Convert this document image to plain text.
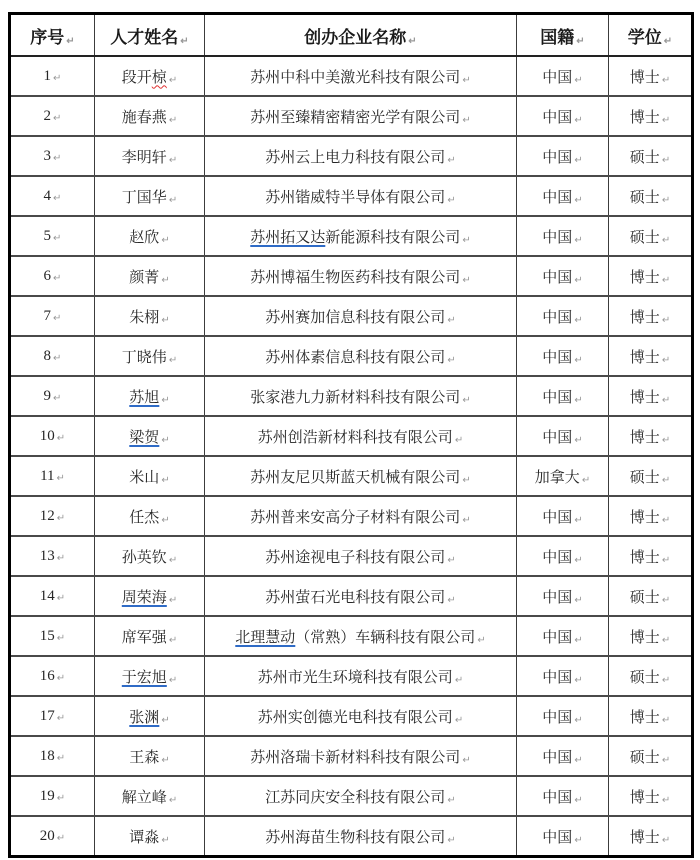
序号 ↵	人才姓名 ↵	创办企业名称 ↵	国籍 ↵	学位 ↵
1 ↵	段开椋 ↵	苏州中科中美激光科技有限公司 ↵	中国 ↵	博士 ↵
2 ↵	施春燕 ↵	苏州至臻精密精密光学有限公司 ↵	中国 ↵	博士 ↵
3 ↵	李明轩 ↵	苏州云上电力科技有限公司 ↵	中国 ↵	硕士 ↵
4 ↵	丁国华 ↵	苏州锴威特半导体有限公司 ↵	中国 ↵	硕士 ↵
5 ↵	赵欣 ↵	苏州拓又达新能源科技有限公司 ↵	中国 ↵	硕士 ↵
6 ↵	颜菁 ↵	苏州博福生物医药科技有限公司 ↵	中国 ↵	博士 ↵
7 ↵	朱栩 ↵	苏州赛加信息科技有限公司 ↵	中国 ↵	博士 ↵
8 ↵	丁晓伟 ↵	苏州体素信息科技有限公司 ↵	中国 ↵	博士 ↵
9 ↵	苏旭 ↵	张家港九力新材料科技有限公司 ↵	中国 ↵	博士 ↵
10 ↵	梁贺 ↵	苏州创浩新材料科技有限公司 ↵	中国 ↵	博士 ↵
11 ↵	米山 ↵	苏州友尼贝斯蓝天机械有限公司 ↵	加拿大 ↵	硕士 ↵
12 ↵	任杰 ↵	苏州普来安高分子材料有限公司 ↵	中国 ↵	博士 ↵
13 ↵	孙英钦 ↵	苏州途视电子科技有限公司 ↵	中国 ↵	博士 ↵
14 ↵	周荣海 ↵	苏州萤石光电科技有限公司 ↵	中国 ↵	硕士 ↵
15 ↵	席军强 ↵	北理慧动（常熟）车辆科技有限公司 ↵	中国 ↵	博士 ↵
16 ↵	于宏旭 ↵	苏州市光生环境科技有限公司 ↵	中国 ↵	硕士 ↵
17 ↵	张渊 ↵	苏州实创德光电科技有限公司 ↵	中国 ↵	博士 ↵
18 ↵	王森 ↵	苏州洛瑞卡新材料科技有限公司 ↵	中国 ↵	硕士 ↵
19 ↵	解立峰 ↵	江苏同庆安全科技有限公司 ↵	中国 ↵	博士 ↵
20 ↵	谭淼 ↵	苏州海苗生物科技有限公司 ↵	中国 ↵	博士 ↵
